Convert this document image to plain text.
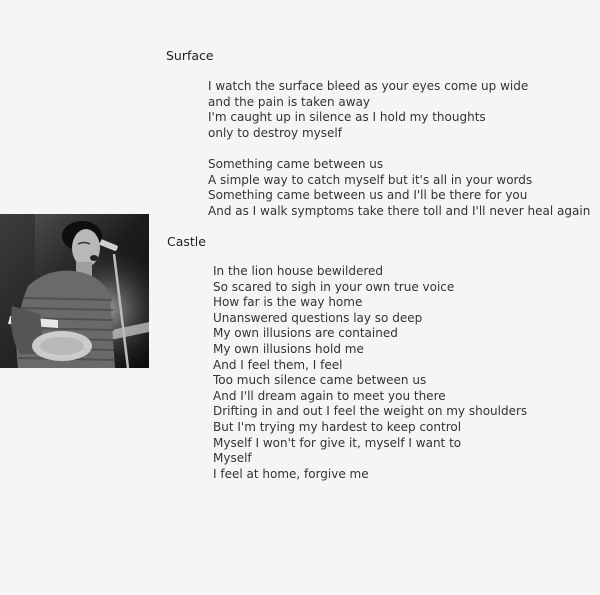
Surface
I watch the surface bleed as your eyes come up wide
and the pain is taken away
I'm caught up in silence as I hold my thoughts
only to destroy myself
Something came between us
A simple way to catch myself but it's all in your words
Something came between us and I'll be there for you
And as I walk symptoms take there toll and I'll never heal again
Castle
In the lion house bewildered
So scared to sigh in your own true voice
How far is the way home
Unanswered questions lay so deep
My own illusions are contained
My own illusions hold me
And I feel them, I feel
Too much silence came between us
And I'll dream again to meet you there
Drifting in and out I feel the weight on my shoulders
But I'm trying my hardest to keep control
Myself I won't for give it, myself I want to
Myself
I feel at home, forgive me
